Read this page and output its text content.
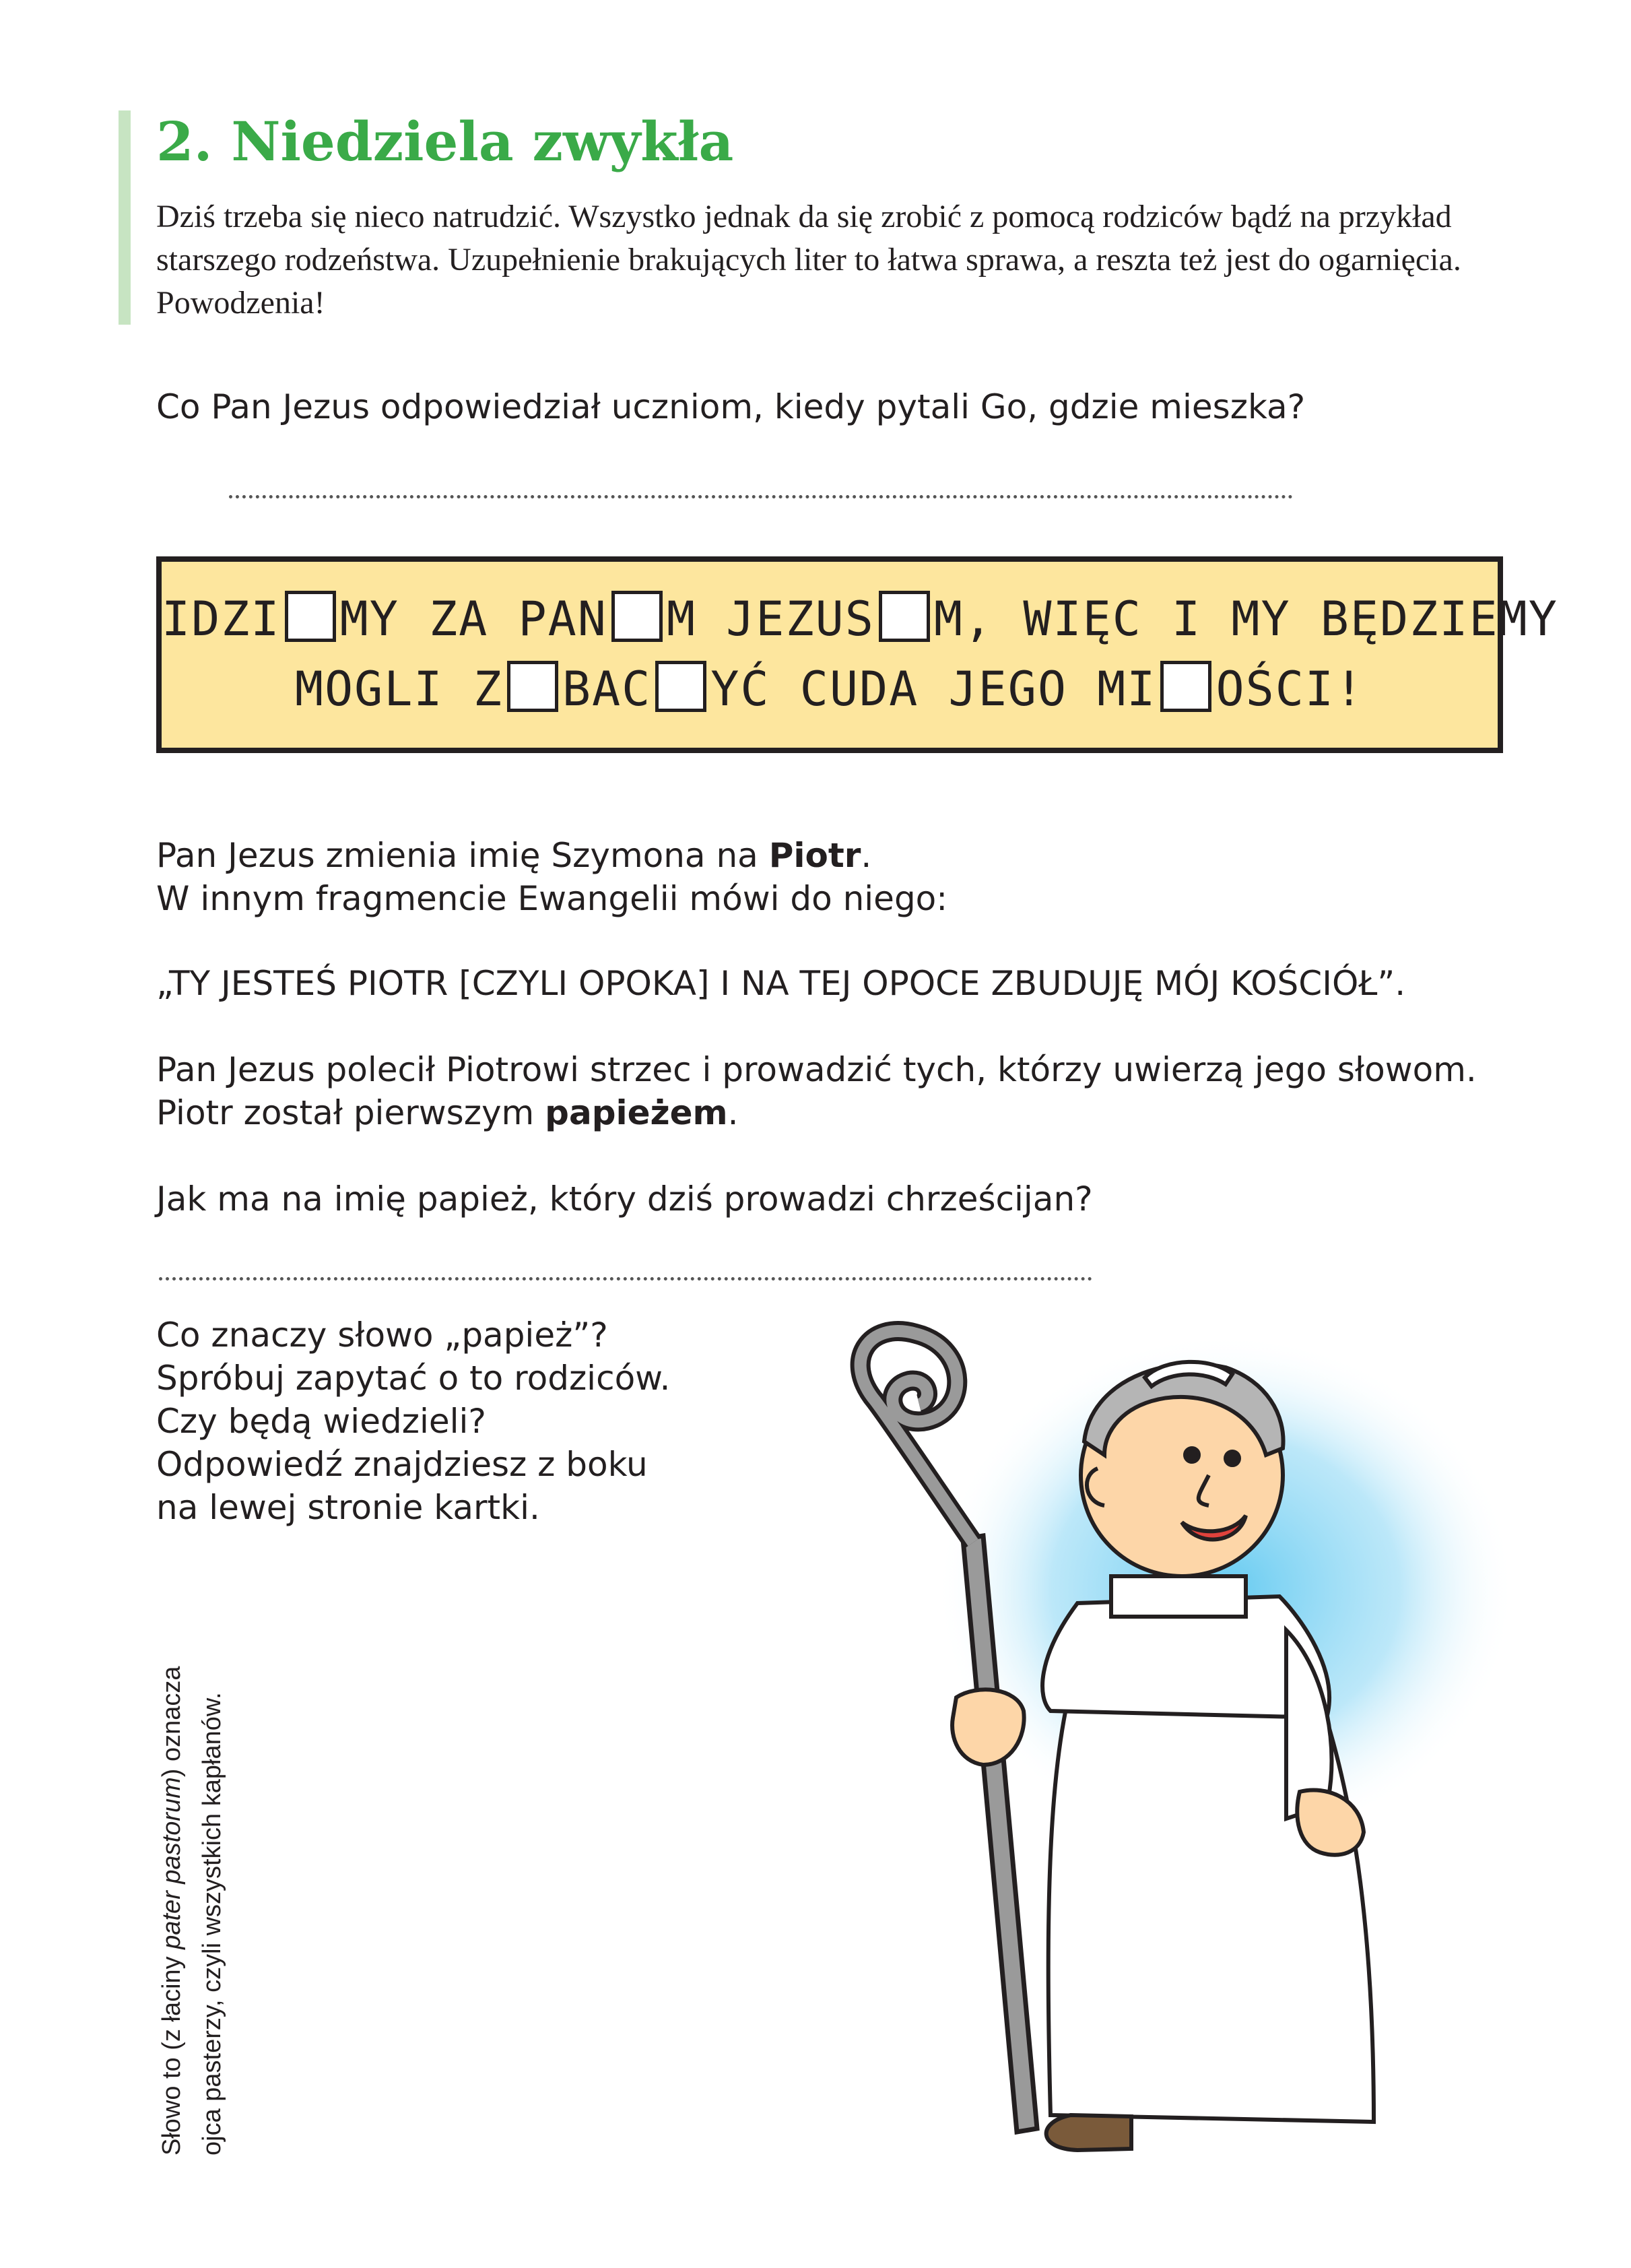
2. Niedziela zwykła
Dziś trzeba się nieco natrudzić. Wszystko jednak da się zrobić z pomocą rodziców bądź na przykład
starszego rodzeństwa. Uzupełnienie brakujących liter to łatwa sprawa, a reszta też jest do ogarnięcia.
Powodzenia!

Co Pan Jezus odpowiedział uczniom, kiedy pytali Go, gdzie mieszka?

IDZI MY ZA PAN M JEZUS M, WIĘC I MY BĘDZIEMY
MOGLI Z BAC YĆ CUDA JEGO MI OŚCI!

Pan Jezus zmienia imię Szymona na Piotr.

W innym fragmencie Ewangelii mówi do niego:

„TY JESTEŚ PIOTR [CZYLI OPOKA] I NA TEJ OPOCE ZBUDUJĘ MÓJ KOŚCIÓŁ”.

Pan Jezus polecił Piotrowi strzec i prowadzić tych, którzy uwierzą jego słowom.

Piotr został pierwszym papieżem.

Jak ma na imię papież, który dziś prowadzi chrześcijan?

Co znaczy słowo „papież”?
Spróbuj zapytać o to rodziców.
Czy będą wiedzieli?
Odpowiedź znajdziesz z boku
na lewej stronie kartki.
Słowo to (z łaciny pater pastorum) oznacza ojca pasterzy, czyli wszystkich kapłanów.
